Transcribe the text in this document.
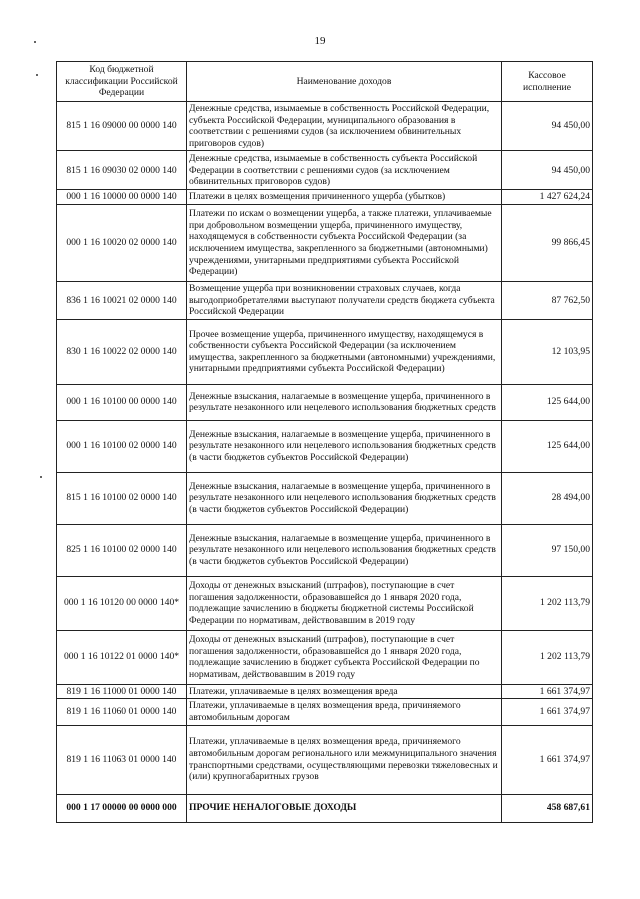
19
Код бюджетной классификации Российской Федерации	Наименование доходов	Кассовое исполнение
815 1 16 09000 00 0000 140	Денежные средства, изымаемые в собственность Российской Федерации, субъекта Российской Федерации, муниципального образования в соответствии с решениями судов (за исключением обвинительных приговоров судов)	94 450,00
815 1 16 09030 02 0000 140	Денежные средства, изымаемые в собственность субъекта Российской Федерации в соответствии с решениями судов (за исключением обвинительных приговоров судов)	94 450,00
000 1 16 10000 00 0000 140	Платежи в целях возмещения причиненного ущерба (убытков)	1 427 624,24
000 1 16 10020 02 0000 140	Платежи по искам о возмещении ущерба, а также платежи, уплачиваемые при добровольном возмещении ущерба, причиненного имуществу, находящемуся в собственности субъекта Российской Федерации (за исключением имущества, закрепленного за бюджетными (автономными) учреждениями, унитарными предприятиями субъекта Российской Федерации)	99 866,45
836 1 16 10021 02 0000 140	Возмещение ущерба при возникновении страховых случаев, когда выгодоприобретателями выступают получатели средств бюджета субъекта Российской Федерации	87 762,50
830 1 16 10022 02 0000 140	Прочее возмещение ущерба, причиненного имуществу, находящемуся в собственности субъекта Российской Федерации (за исключением имущества, закрепленного за бюджетными (автономными) учреждениями, унитарными предприятиями субъекта Российской Федерации)	12 103,95
000 1 16 10100 00 0000 140	Денежные взыскания, налагаемые в возмещение ущерба, причиненного в результате незаконного или нецелевого использования бюджетных средств	125 644,00
000 1 16 10100 02 0000 140	Денежные взыскания, налагаемые в возмещение ущерба, причиненного в результате незаконного или нецелевого использования бюджетных средств (в части бюджетов субъектов Российской Федерации)	125 644,00
815 1 16 10100 02 0000 140	Денежные взыскания, налагаемые в возмещение ущерба, причиненного в результате незаконного или нецелевого использования бюджетных средств (в части бюджетов субъектов Российской Федерации)	28 494,00
825 1 16 10100 02 0000 140	Денежные взыскания, налагаемые в возмещение ущерба, причиненного в результате незаконного или нецелевого использования бюджетных средств (в части бюджетов субъектов Российской Федерации)	97 150,00
000 1 16 10120 00 0000 140*	Доходы от денежных взысканий (штрафов), поступающие в счет погашения задолженности, образовавшейся до 1 января 2020 года, подлежащие зачислению в бюджеты бюджетной системы Российской Федерации по нормативам, действовавшим в 2019 году	1 202 113,79
000 1 16 10122 01 0000 140*	Доходы от денежных взысканий (штрафов), поступающие в счет погашения задолженности, образовавшейся до 1 января 2020 года, подлежащие зачислению в бюджет субъекта Российской Федерации по нормативам, действовавшим в 2019 году	1 202 113,79
819 1 16 11000 01 0000 140	Платежи, уплачиваемые в целях возмещения вреда	1 661 374,97
819 1 16 11060 01 0000 140	Платежи, уплачиваемые в целях возмещения вреда, причиняемого автомобильным дорогам	1 661 374,97
819 1 16 11063 01 0000 140	Платежи, уплачиваемые в целях возмещения вреда, причиняемого автомобильным дорогам регионального или межмуниципального значения транспортными средствами, осуществляющими перевозки тяжеловесных и (или) крупногабаритных грузов	1 661 374,97
000 1 17 00000 00 0000 000	ПРОЧИЕ НЕНАЛОГОВЫЕ ДОХОДЫ	458 687,61
